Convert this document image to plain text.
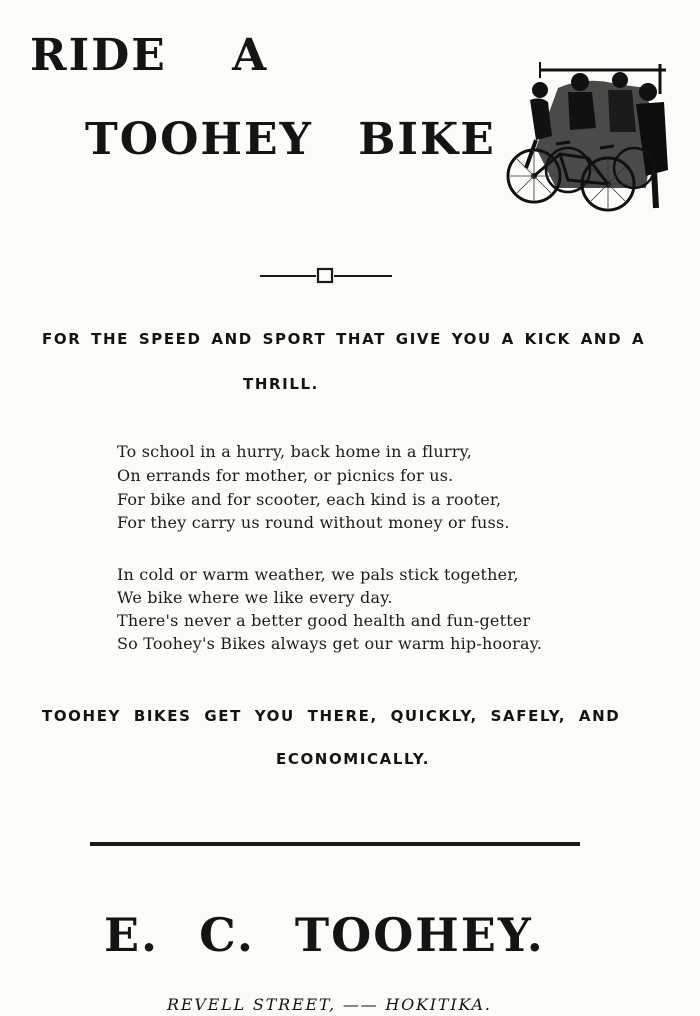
RIDE A
TOOHEY BIKE
FOR THE SPEED AND SPORT THAT GIVE YOU A KICK AND A
THRILL.
To school in a hurry, back home in a flurry,
On errands for mother, or picnics for us.
For bike and for scooter, each kind is a rooter,
For they carry us round without money or fuss.
In cold or warm weather, we pals stick together,
We bike where we like every day.
There's never a better good health and fun-getter
So Toohey's Bikes always get our warm hip-hooray.
TOOHEY BIKES GET YOU THERE, QUICKLY, SAFELY, AND
ECONOMICALLY.
E. C. TOOHEY.
REVELL STREET, —— HOKITIKA.
